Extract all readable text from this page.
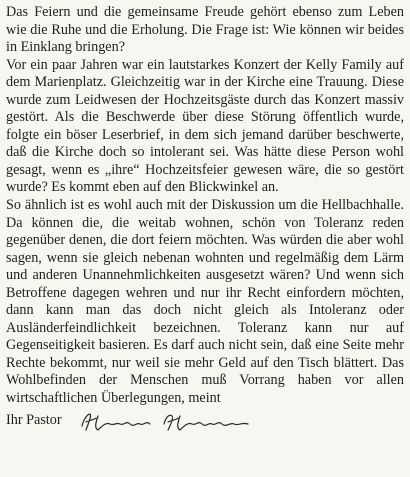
Das Feiern und die gemeinsame Freude gehört ebenso zum Leben wie die Ruhe und die Erholung. Die Frage ist: Wie können wir beides in Einklang bringen?

Vor ein paar Jahren war ein lautstarkes Konzert der Kelly Family auf dem Marienplatz. Gleichzeitig war in der Kirche eine Trauung. Diese wurde zum Leidwesen der Hochzeitsgäste durch das Konzert massiv gestört. Als die Beschwerde über diese Störung öffentlich wurde, folgte ein böser Leserbrief, in dem sich jemand darüber beschwerte, daß die Kirche doch so intolerant sei. Was hätte diese Person wohl gesagt, wenn es „ihre“ Hochzeitsfeier gewesen wäre, die so gestört wurde? Es kommt eben auf den Blickwinkel an.

So ähnlich ist es wohl auch mit der Diskussion um die Hellbachhalle. Da können die, die weitab wohnen, schön von Toleranz reden gegenüber denen, die dort feiern möchten. Was würden die aber wohl sagen, wenn sie gleich nebenan wohnten und regelmäßig dem Lärm und anderen Unannehmlichkeiten ausgesetzt wären? Und wenn sich Betroffene dagegen wehren und nur ihr Recht einfordern möchten, dann kann man das doch nicht gleich als Intoleranz oder Ausländerfeindlichkeit bezeichnen. Toleranz kann nur auf Gegenseitigkeit basieren. Es darf auch nicht sein, daß eine Seite mehr Rechte bekommt, nur weil sie mehr Geld auf den Tisch blättert. Das Wohlbefinden der Menschen muß Vorrang haben vor allen wirtschaftlichen Überlegungen, meint

Ihr Pastor
